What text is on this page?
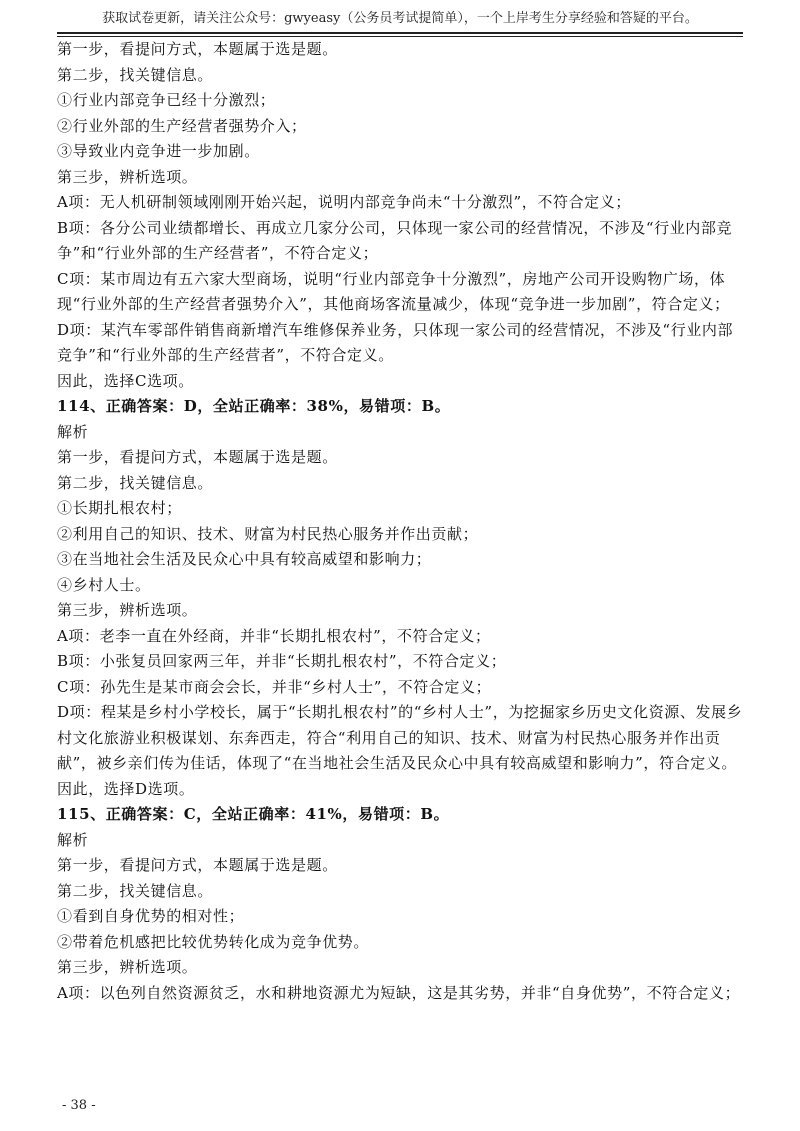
获取试卷更新，请关注公众号：gwyeasy（公务员考试提简单），一个上岸考生分享经验和答疑的平台。

第一步，看提问方式，本题属于选是题。

第二步，找关键信息。

①行业内部竞争已经十分激烈；

②行业外部的生产经营者强势介入；

③导致业内竞争进一步加剧。

第三步，辨析选项。

A项：无人机研制领域刚刚开始兴起，说明内部竞争尚未“十分激烈”，不符合定义；

B项：各分公司业绩都增长、再成立几家分公司，只体现一家公司的经营情况，不涉及“行业内部竞争”和“行业外部的生产经营者”，不符合定义；

C项：某市周边有五六家大型商场，说明“行业内部竞争十分激烈”，房地产公司开设购物广场，体现“行业外部的生产经营者强势介入”，其他商场客流量减少，体现“竞争进一步加剧”，符合定义；

D项：某汽车零部件销售商新增汽车维修保养业务，只体现一家公司的经营情况，不涉及“行业内部竞争”和“行业外部的生产经营者”，不符合定义。

因此，选择C选项。

114、正确答案：D，全站正确率：38%，易错项：B。

解析

第一步，看提问方式，本题属于选是题。

第二步，找关键信息。

①长期扎根农村；

②利用自己的知识、技术、财富为村民热心服务并作出贡献；

③在当地社会生活及民众心中具有较高威望和影响力；

④乡村人士。

第三步，辨析选项。

A项：老李一直在外经商，并非“长期扎根农村”，不符合定义；

B项：小张复员回家两三年，并非“长期扎根农村”，不符合定义；

C项：孙先生是某市商会会长，并非“乡村人士”，不符合定义；

D项：程某是乡村小学校长，属于“长期扎根农村”的“乡村人士”，为挖掘家乡历史文化资源、发展乡村文化旅游业积极谋划、东奔西走，符合“利用自己的知识、技术、财富为村民热心服务并作出贡献”，被乡亲们传为佳话，体现了“在当地社会生活及民众心中具有较高威望和影响力”，符合定义。

因此，选择D选项。

115、正确答案：C，全站正确率：41%，易错项：B。

解析

第一步，看提问方式，本题属于选是题。

第二步，找关键信息。

①看到自身优势的相对性；

②带着危机感把比较优势转化成为竞争优势。

第三步，辨析选项。

A项：以色列自然资源贫乏，水和耕地资源尤为短缺，这是其劣势，并非“自身优势”，不符合定义；

- 38 -
